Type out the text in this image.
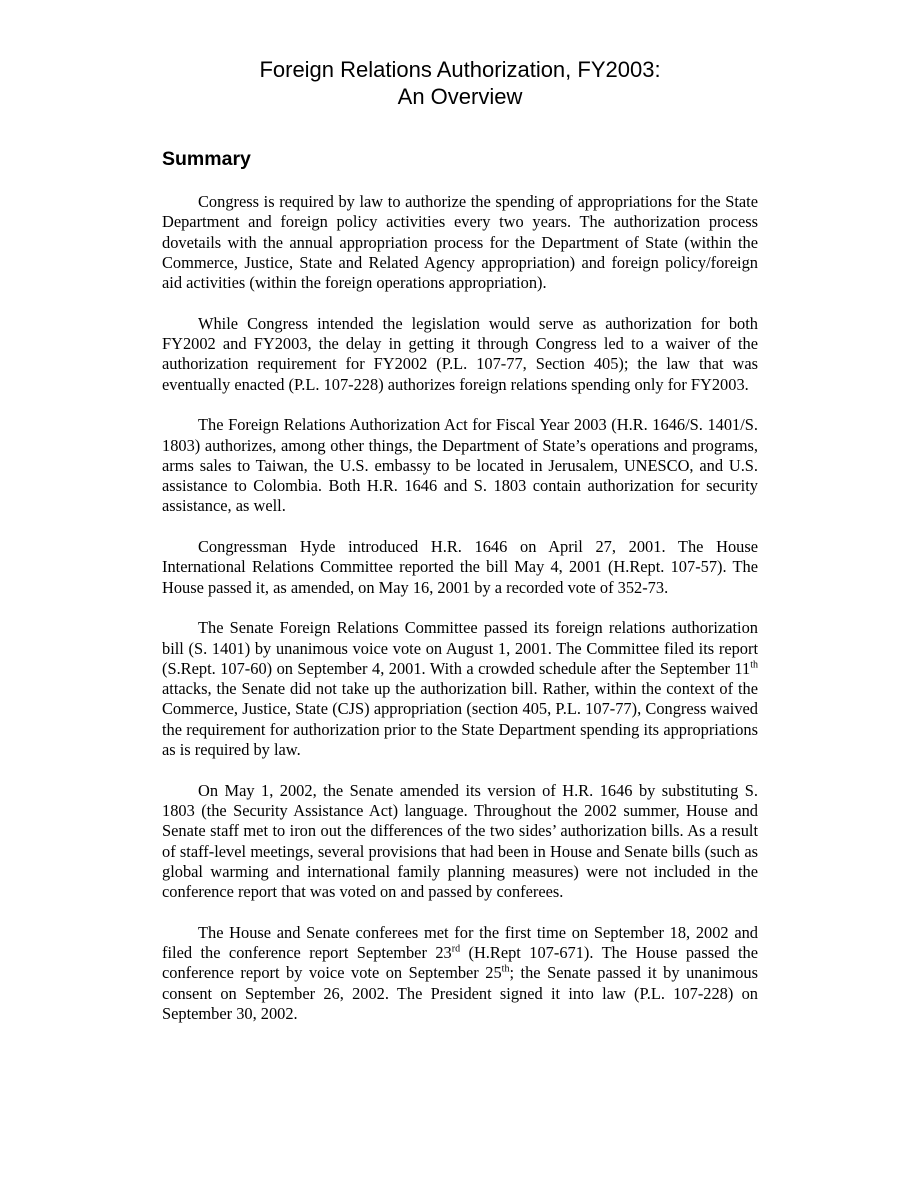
Foreign Relations Authorization, FY2003:
An Overview
Summary

Congress is required by law to authorize the spending of appropriations for the State Department and foreign policy activities every two years. The authorization process dovetails with the annual appropriation process for the Department of State (within the Commerce, Justice, State and Related Agency appropriation) and foreign policy/foreign aid activities (within the foreign operations appropriation).

While Congress intended the legislation would serve as authorization for both FY2002 and FY2003, the delay in getting it through Congress led to a waiver of the authorization requirement for FY2002 (P.L. 107-77, Section 405); the law that was eventually enacted (P.L. 107-228) authorizes foreign relations spending only for FY2003.

The Foreign Relations Authorization Act for Fiscal Year 2003 (H.R. 1646/S. 1401/S. 1803) authorizes, among other things, the Department of State’s operations and programs, arms sales to Taiwan, the U.S. embassy to be located in Jerusalem, UNESCO, and U.S. assistance to Colombia. Both H.R. 1646 and S. 1803 contain authorization for security assistance, as well.

Congressman Hyde introduced H.R. 1646 on April 27, 2001. The House International Relations Committee reported the bill May 4, 2001 (H.Rept. 107-57). The House passed it, as amended, on May 16, 2001 by a recorded vote of 352-73.

The Senate Foreign Relations Committee passed its foreign relations authorization bill (S. 1401) by unanimous voice vote on August 1, 2001. The Committee filed its report (S.Rept. 107-60) on September 4, 2001. With a crowded schedule after the September 11th attacks, the Senate did not take up the authorization bill. Rather, within the context of the Commerce, Justice, State (CJS) appropriation (section 405, P.L. 107-77), Congress waived the requirement for authorization prior to the State Department spending its appropriations as is required by law.

On May 1, 2002, the Senate amended its version of H.R. 1646 by substituting S. 1803 (the Security Assistance Act) language. Throughout the 2002 summer, House and Senate staff met to iron out the differences of the two sides’ authorization bills. As a result of staff-level meetings, several provisions that had been in House and Senate bills (such as global warming and international family planning measures) were not included in the conference report that was voted on and passed by conferees.

The House and Senate conferees met for the first time on September 18, 2002 and filed the conference report September 23rd (H.Rept 107-671). The House passed the conference report by voice vote on September 25th; the Senate passed it by unanimous consent on September 26, 2002. The President signed it into law (P.L. 107-228) on September 30, 2002.
